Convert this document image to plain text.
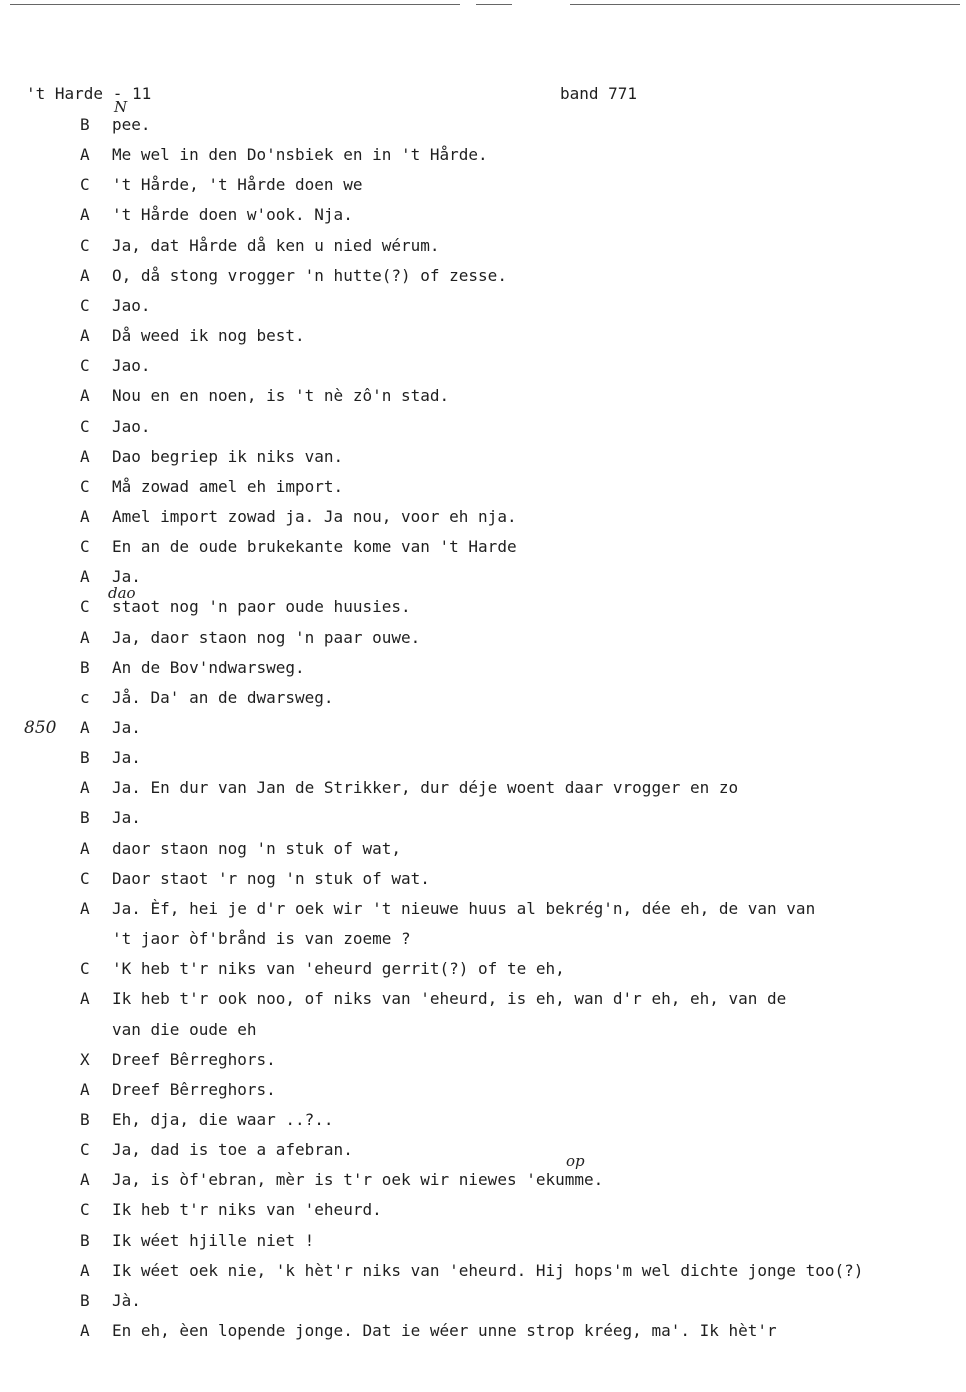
't Harde - 11	band 771
N
dao
op
B pee.
A Me wel in den Do'nsbiek en in 't Hårde.
C 't Hårde, 't Hårde doen we
A 't Hårde doen w'ook. Nja.
C Ja, dat Hårde då ken u nied wérum.
A O, då stong vrogger 'n hutte(?) of zesse.
C Jao.
A Då weed ik nog best.
C Jao.
A Nou en en noen, is 't nè zô'n stad.
C Jao.
A Dao begriep ik niks van.
C Må zowad amel eh import.
A Amel import zowad ja. Ja nou, voor eh nja.
C En an de oude brukekante kome van 't Harde
A Ja.
C staot nog 'n paor oude huusies.
A Ja, daor staon nog 'n paar ouwe.
B An de Bov'ndwarsweg.
c Jå. Da' an de dwarsweg.
850 A Ja.
B Ja.
A Ja. En dur van Jan de Strikker, dur déje woent daar vrogger en zo
B Ja.
A daor staon nog 'n stuk of wat,
C Daor staot 'r nog 'n stuk of wat.
A Ja. Èf, hei je d'r oek wir 't nieuwe huus al bekrég'n, dée eh, de van van
't jaor òf'brånd is van zoeme ?
C 'K heb t'r niks van 'eheurd gerrit(?) of te eh,
A Ik heb t'r ook noo, of niks van 'eheurd, is eh, wan d'r eh, eh, van de
van die oude eh
X Dreef Bêrreghors.
A Dreef Bêrreghors.
B Eh, dja, die waar ..?..
C Ja, dad is toe a afebran.
A Ja, is òf'ebran, mèr is t'r oek wir niewes 'ekumme.
C Ik heb t'r niks van 'eheurd.
B Ik wéet hjille niet !
A Ik wéet oek nie, 'k hèt'r niks van 'eheurd. Hij hops'm wel dichte jonge too(?)
B Jà.
A En eh, èen lopende jonge. Dat ie wéer unne strop kréeg, ma'. Ik hèt'r
